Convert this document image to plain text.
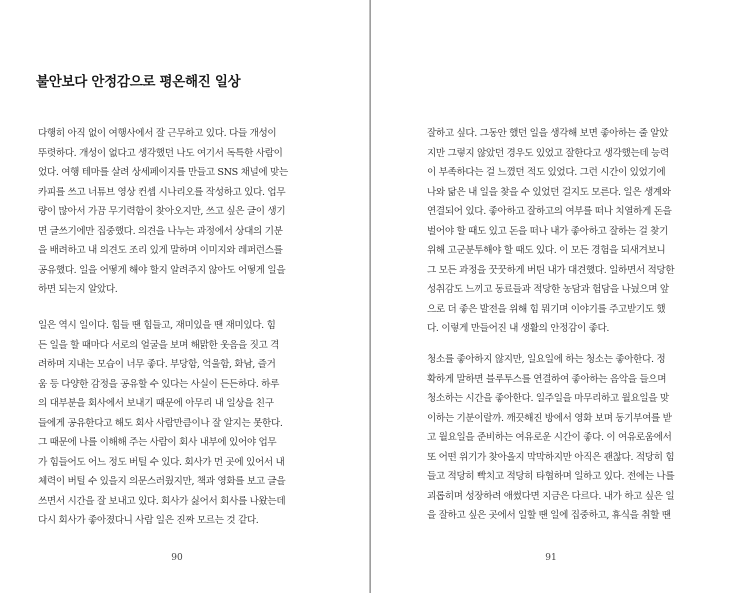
불안보다 안정감으로 평온해진 일상
다행히 아직 없이 여행사에서 잘 근무하고 있다. 다들 개성이
뚜렷하다. 개성이 없다고 생각했던 나도 여기서 독특한 사람이
었다. 여행 테마를 살려 상세페이지를 만들고 SNS 채널에 맞는
카피를 쓰고 너튜브 영상 컨셉 시나리오를 작성하고 있다. 업무
량이 많아서 가끔 무기력함이 찾아오지만, 쓰고 싶은 글이 생기
면 글쓰기에만 집중했다. 의견을 나누는 과정에서 상대의 기분
을 배려하고 내 의견도 조리 있게 말하며 이미지와 레퍼런스를
공유했다. 일을 어떻게 해야 할지 알려주지 않아도 어떻게 일을
하면 되는지 알았다.
일은 역시 일이다. 힘들 땐 힘들고, 재미있을 땐 재미있다. 힘
든 일을 할 때마다 서로의 얼굴을 보며 해맑한 웃음을 짓고 격
려하며 지내는 모습이 너무 좋다. 부당함, 억울함, 화남, 즐거
움 등 다양한 감정을 공유할 수 있다는 사실이 든든하다. 하루
의 대부분을 회사에서 보내기 때문에 아무리 내 일상을 친구
들에게 공유한다고 해도 회사 사람만큼이나 잘 알지는 못한다.
그 때문에 나를 이해해 주는 사람이 회사 내부에 있어야 업무
가 힘들어도 어느 정도 버틸 수 있다. 회사가 먼 곳에 있어서 내
체력이 버틸 수 있을지 의문스러웠지만, 책과 영화를 보고 글을
쓰면서 시간을 잘 보내고 있다. 회사가 싫어서 회사를 나왔는데
다시 회사가 좋아졌다니 사람 일은 진짜 모르는 것 같다.
90
잘하고 싶다. 그동안 했던 일을 생각해 보면 좋아하는 줄 알았
지만 그렇지 않았던 경우도 있었고 잘한다고 생각했는데 능력
이 부족하다는 걸 느꼈던 적도 있었다. 그런 시간이 있었기에
나와 닮은 내 일을 찾을 수 있었던 걸지도 모른다. 일은 생계와
연결되어 있다. 좋아하고 잘하고의 여부를 떠나 치열하게 돈을
벌어야 할 때도 있고 돈을 떠나 내가 좋아하고 잘하는 걸 찾기
위해 고군분투해야 할 때도 있다. 이 모든 경험을 되새겨보니
그 모든 과정을 꿋꿋하게 버틴 내가 대견했다. 일하면서 적당한
성취감도 느끼고 동료들과 적당한 농담과 험담을 나눴으며 앞
으로 더 좋은 발전을 위해 힘 뭐기며 이야기를 주고받기도 했
다. 이렇게 만들어진 내 생활의 안정감이 좋다.
청소를 좋아하지 않지만, 일요일에 하는 청소는 좋아한다. 정
확하게 말하면 블루투스를 연결하여 좋아하는 음악을 들으며
청소하는 시간을 좋아한다. 일주일을 마무리하고 월요일을 맞
이하는 기분이랄까. 깨끗해진 방에서 영화 보며 동기부여를 받
고 월요일을 준비하는 여유로운 시간이 좋다. 이 여유로움에서
또 어떤 위기가 찾아올지 막막하지만 아직은 괜찮다. 적당히 힘
들고 적당히 빡치고 적당히 타협하며 일하고 있다. 전에는 나를
괴롭히며 성장하려 애썼다면 지금은 다르다. 내가 하고 싶은 일
을 잘하고 싶은 곳에서 일할 땐 일에 집중하고, 휴식을 취할 땐
91
